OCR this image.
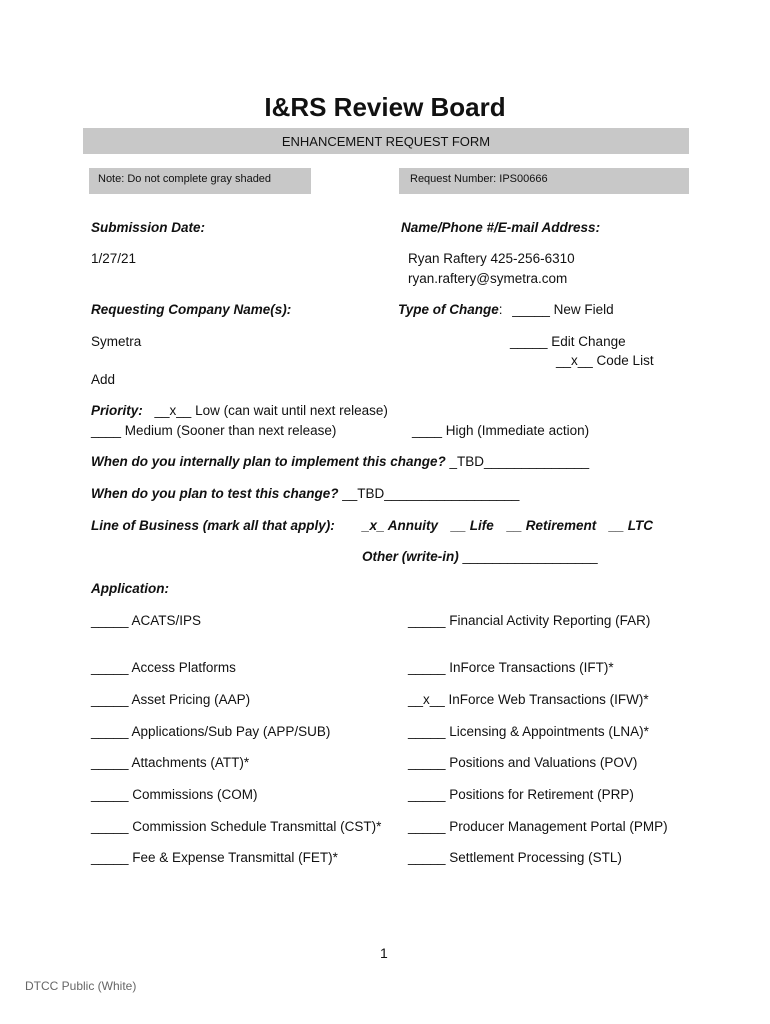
I&RS Review Board
ENHANCEMENT REQUEST FORM
Note: Do not complete gray shaded	Request Number: IPS00666
Submission Date:
1/27/21
Name/Phone #/E-mail Address:
Ryan Raftery 425-256-6310
ryan.raftery@symetra.com
Requesting Company Name(s):
Symetra
Type of Change: _____ New Field
_____ Edit Change
__x__ Code List
Add
Priority: __x__ Low (can wait until next release)
____ Medium (Sooner than next release)	____ High (Immediate action)
When do you internally plan to implement this change? _TBD______________
When do you plan to test this change? __TBD__________________
Line of Business (mark all that apply): _x_ Annuity __ Life __ Retirement __ LTC
Other (write-in) __________________
Application:
_____ ACATS/IPS
_____ Access Platforms
_____ Asset Pricing (AAP)
_____ Applications/Sub Pay (APP/SUB)
_____ Attachments (ATT)*
_____ Commissions (COM)
_____ Commission Schedule Transmittal (CST)*
_____ Fee & Expense Transmittal (FET)*
_____ Financial Activity Reporting (FAR)
_____ InForce Transactions (IFT)*
__x__ InForce Web Transactions (IFW)*
_____ Licensing & Appointments (LNA)*
_____ Positions and Valuations (POV)
_____ Positions for Retirement (PRP)
_____ Producer Management Portal (PMP)
_____ Settlement Processing (STL)
1
DTCC Public (White)
